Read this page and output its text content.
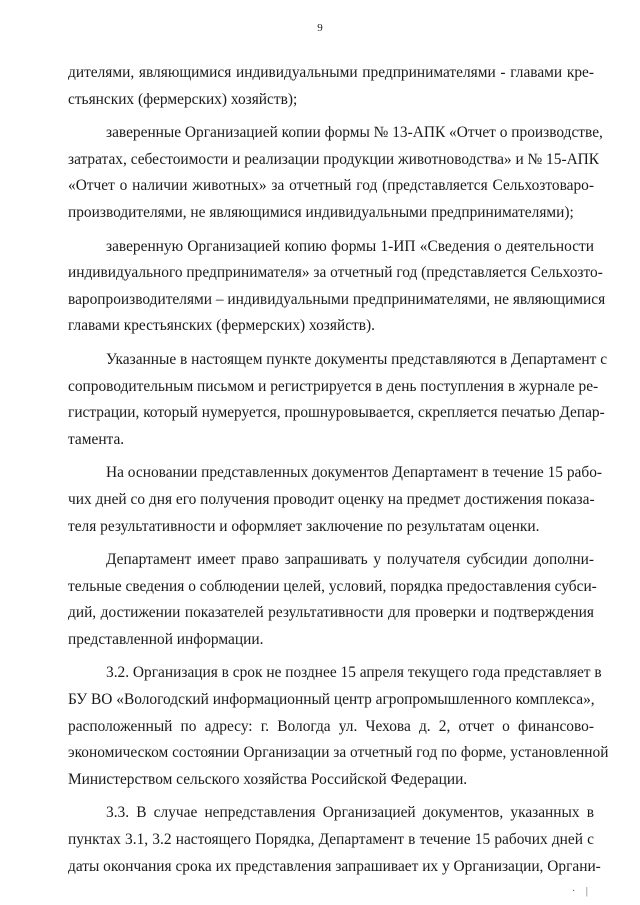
9
дителями, являющимися индивидуальными предпринимателями - главами кре-
стьянских (фермерских) хозяйств);
заверенные Организацией копии формы № 13-АПК «Отчет о производстве,
затратах, себестоимости и реализации продукции животноводства» и № 15-АПК
«Отчет о наличии животных» за отчетный год (представляется Сельхозтоваро-
производителями, не являющимися индивидуальными предпринимателями);
заверенную Организацией копию формы 1-ИП «Сведения о деятельности
индивидуального предпринимателя» за отчетный год (представляется Сельхозто-
варопроизводителями – индивидуальными предпринимателями, не являющимися
главами крестьянских (фермерских) хозяйств).
Указанные в настоящем пункте документы представляются в Департамент с
сопроводительным письмом и регистрируется в день поступления в журнале ре-
гистрации, который нумеруется, прошнуровывается, скрепляется печатью Депар-
тамента.
На основании представленных документов Департамент в течение 15 рабо-
чих дней со дня его получения проводит оценку на предмет достижения показа-
теля результативности и оформляет заключение по результатам оценки.
Департамент имеет право запрашивать у получателя субсидии дополни-
тельные сведения о соблюдении целей, условий, порядка предоставления субси-
дий, достижении показателей результативности для проверки и подтверждения
представленной информации.
3.2. Организация в срок не позднее 15 апреля текущего года представляет в
БУ ВО «Вологодский информационный центр агропромышленного комплекса»,
расположенный по адресу: г. Вологда ул. Чехова д. 2, отчет о финансово-
экономическом состоянии Организации за отчетный год по форме, установленной
Министерством сельского хозяйства Российской Федерации.
3.3. В случае непредставления Организацией документов, указанных в
пунктах 3.1, 3.2 настоящего Порядка, Департамент в течение 15 рабочих дней с
даты окончания срока их представления запрашивает их у Организации, Органи-
· |
